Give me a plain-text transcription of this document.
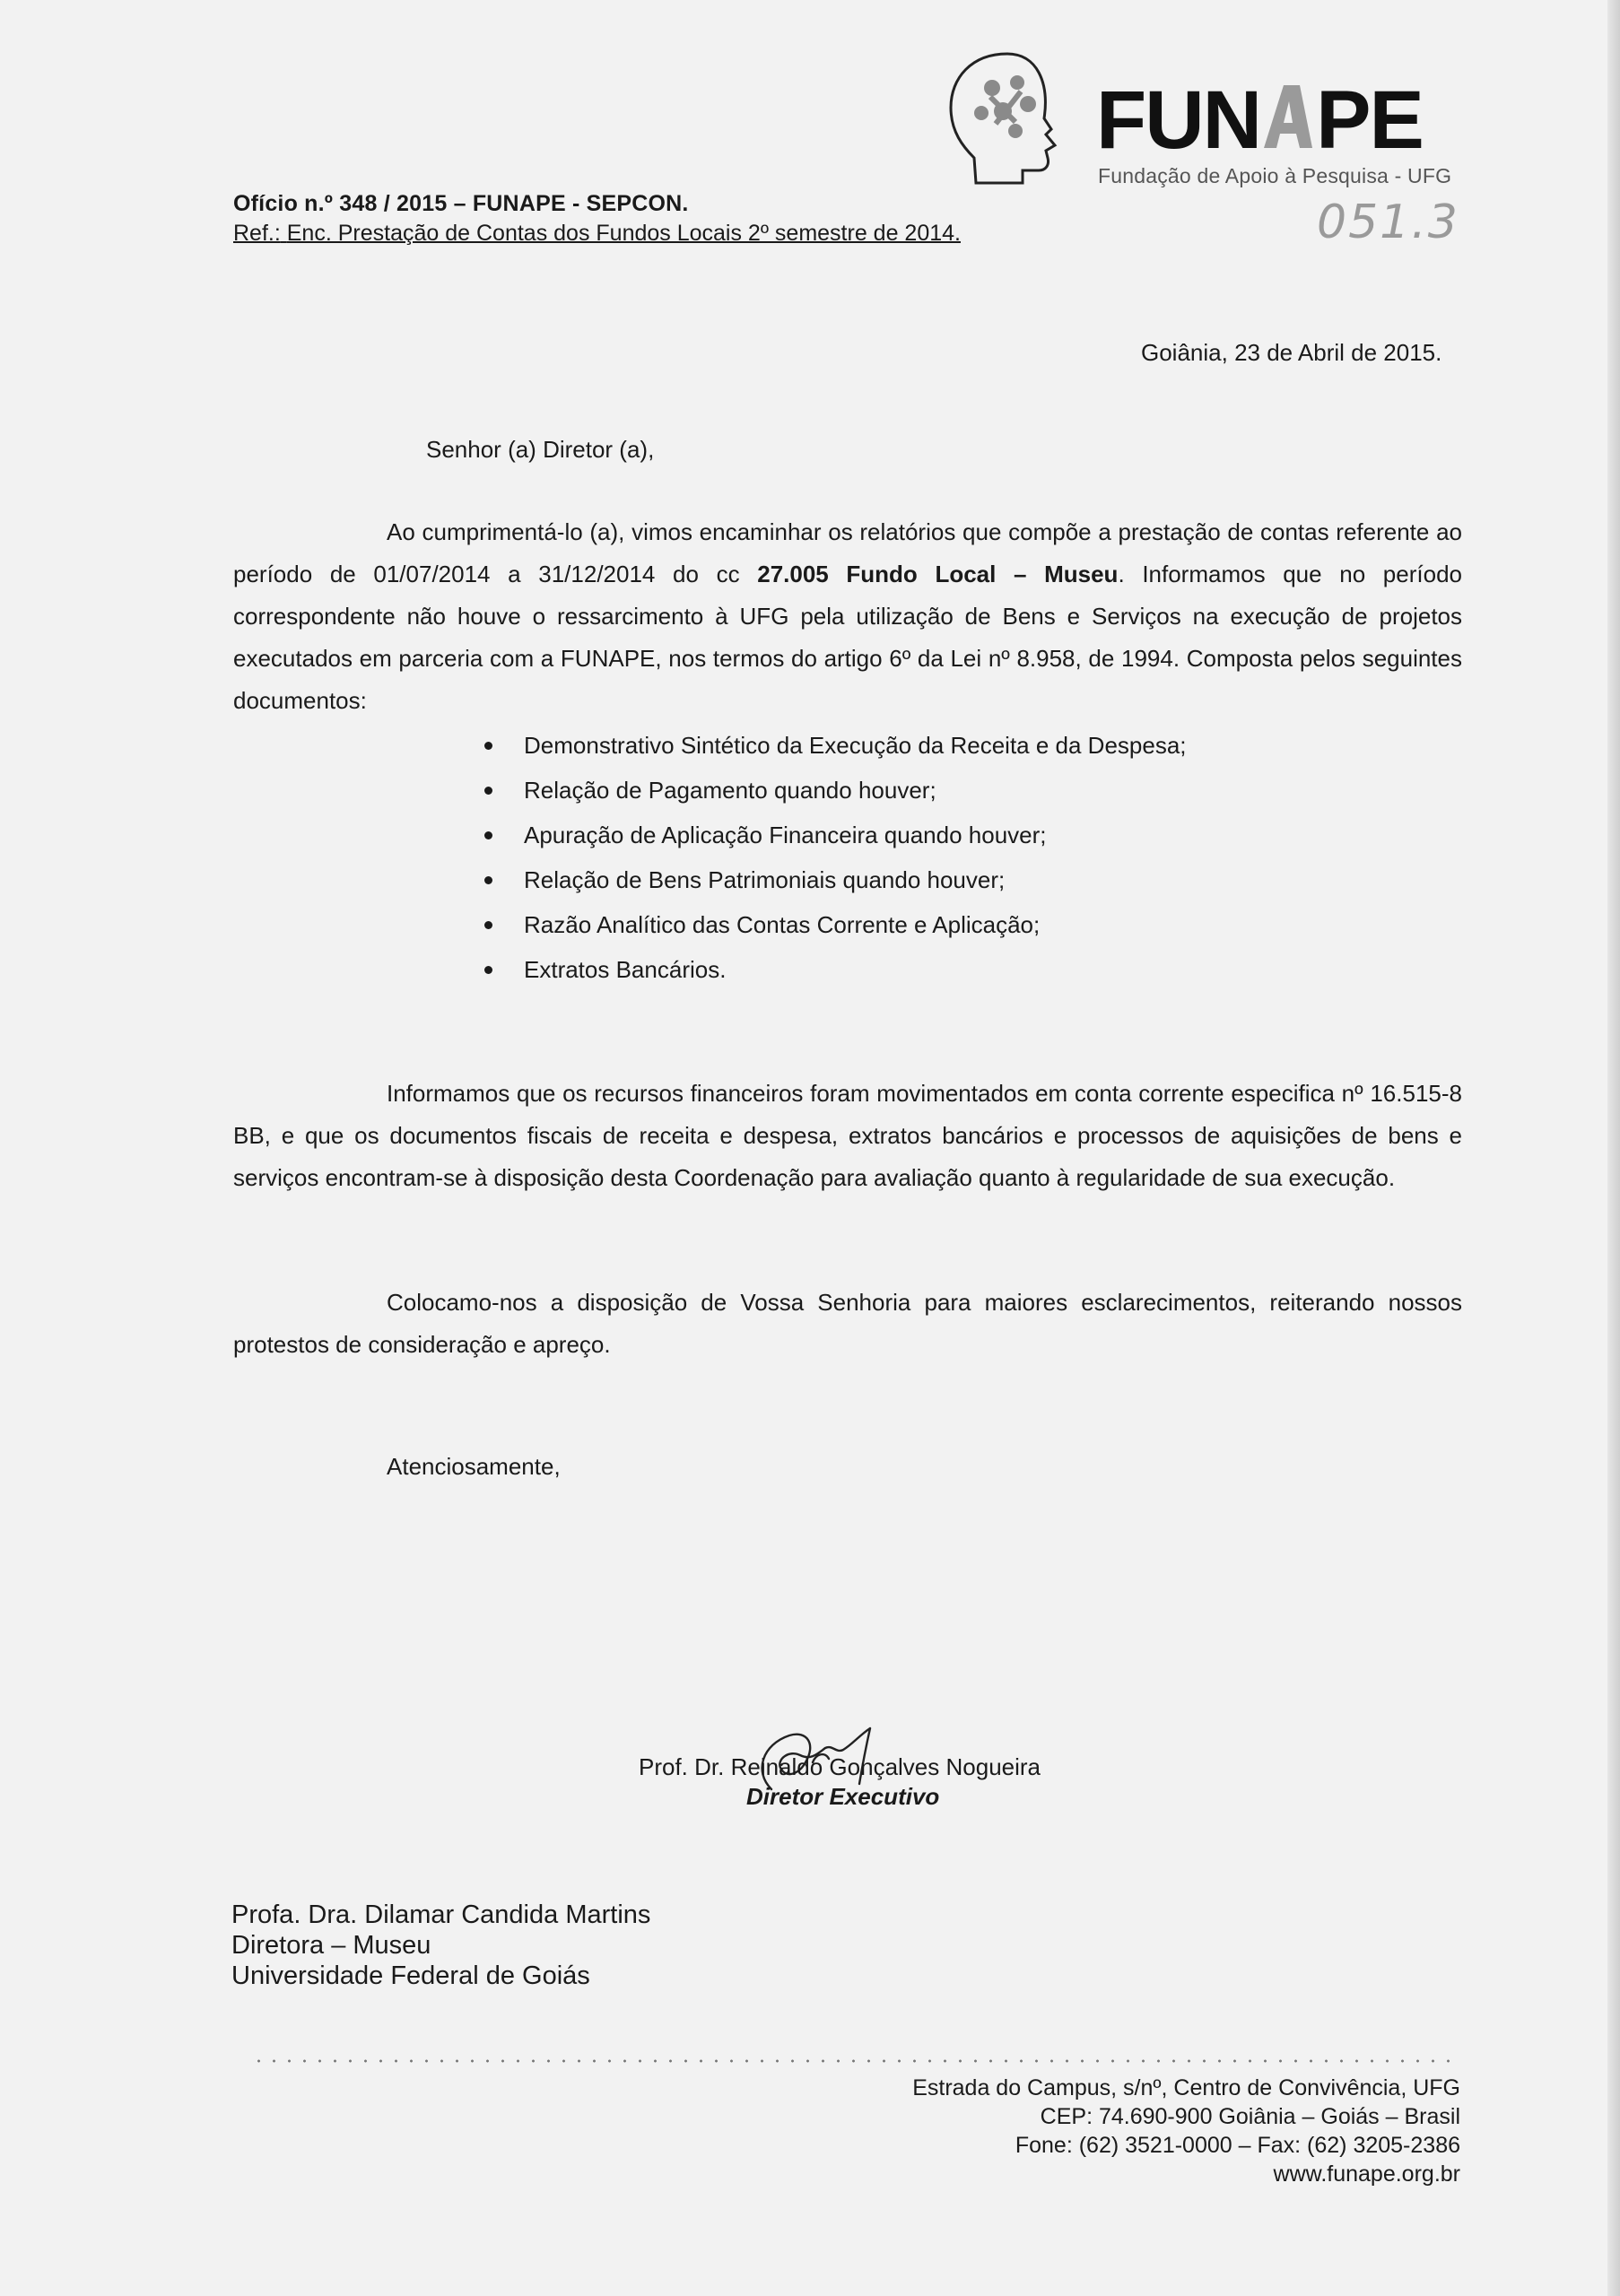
FUN PE
Fundação de Apoio à Pesquisa - UFG
051.3
Ofício n.º 348 / 2015 – FUNAPE - SEPCON.
Ref.: Enc. Prestação de Contas dos Fundos Locais 2º semestre de 2014.
Goiânia, 23 de Abril de 2015.
Senhor (a) Diretor (a),
Ao cumprimentá-lo (a), vimos encaminhar os relatórios que compõe a prestação de contas referente ao período de 01/07/2014 a 31/12/2014 do cc 27.005 Fundo Local – Museu. Informamos que no período correspondente não houve o ressarcimento à UFG pela utilização de Bens e Serviços na execução de projetos executados em parceria com a FUNAPE, nos termos do artigo 6º da Lei nº 8.958, de 1994. Composta pelos seguintes documentos:
Demonstrativo Sintético da Execução da Receita e da Despesa;
Relação de Pagamento quando houver;
Apuração de Aplicação Financeira quando houver;
Relação de Bens Patrimoniais quando houver;
Razão Analítico das Contas Corrente e Aplicação;
Extratos Bancários.
Informamos que os recursos financeiros foram movimentados em conta corrente especifica nº 16.515-8 BB, e que os documentos fiscais de receita e despesa, extratos bancários e processos de aquisições de bens e serviços encontram-se à disposição desta Coordenação para avaliação quanto à regularidade de sua execução.
Colocamo-nos a disposição de Vossa Senhoria para maiores esclarecimentos, reiterando nossos protestos de consideração e apreço.
Atenciosamente,
Prof. Dr. Reinaldo Gonçalves Nogueira
Diretor Executivo
Profa. Dra. Dilamar Candida Martins
Diretora – Museu
Universidade Federal de Goiás
Estrada do Campus, s/nº, Centro de Convivência, UFG
CEP: 74.690-900 Goiânia – Goiás – Brasil
Fone: (62) 3521-0000 – Fax: (62) 3205-2386
www.funape.org.br
